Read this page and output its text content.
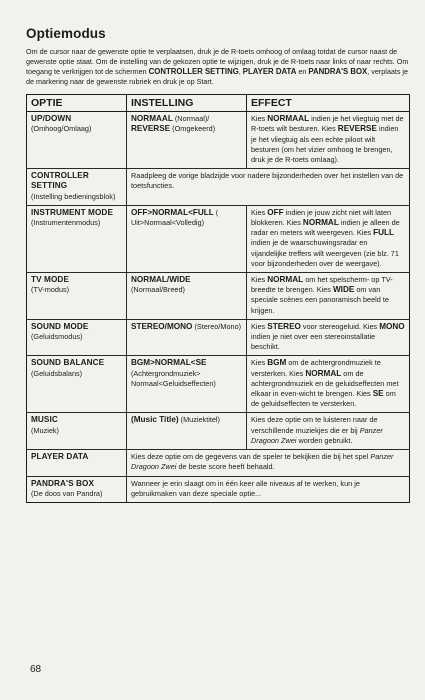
Optiemodus

Om de cursor naar de gewenste optie te verplaatsen, druk je de R-toets omhoog of omlaag totdat de cursor naast de gewenste optie staat. Om de instelling van de gekozen optie te wijzigen, druk je de R-toets naar links of naar rechts. Om toegang te verkrijgen tot de schermen CONTROLLER SETTING, PLAYER DATA en PANDRA'S BOX, verplaats je de markering naar de gewenste rubriek en druk je op Start.

OPTIE	INSTELLING	EFFECT

UP/DOWN
(Omhoog/Omlaag)	NORMAAL (Normaal)/ REVERSE (Omgekeerd)	Kies NORMAAL indien je het vliegtuig met de R-toets wilt besturen. Kies REVERSE indien je het vliegtuig als een echte piloot wilt besturen (om het vizier omhoog te brengen, druk je de R-toets omlaag).

CONTROLLER SETTING
(Instelling bedieningsblok)	Raadpleeg de vorige bladzijde voor nadere bijzonderheden over het instellen van de toetsfuncties.	

INSTRUMENT MODE
(Instrumentenmodus)	OFF>NORMAL<FULL ( Uit>Normaal<Volledig)	Kies OFF indien je jouw zicht niet wilt laten blokkeren. Kies NORMAL indien je alleen de radar en meters wilt weergeven. Kies FULL indien je de waarschuwingsradar en vijandelijke treffers wilt weergeven (zie blz. 71 voor bijzonderheden over de weergave).

TV MODE
(TV-modus)	NORMAL/WIDE (Normaal/Breed)	Kies NORMAL om het spelscherm- op TV-breedte te brengen. Kies WIDE om van speciale scènes een panoramisch beeld te krijgen.

SOUND MODE
(Geluidsmodus)	STEREO/MONO (Stereo/Mono)	Kies STEREO voor stereogeluid. Kies MONO indien je niet over een stereoinstallatie beschikt.

SOUND BALANCE
(Geluidsbalans)	BGM>NORMAL<SE (Achtergrondmuziek> Normaal<Geluidseffecten)	Kies BGM om de achtergrondmuziek te versterken. Kies NORMAL om de achtergrondmuziek en de geluidseffecten met elkaar in even-wicht te brengen. Kies SE om de geluidseffecten te versterken.

MUSIC
(Muziek)	(Music Title) (Muziektitel)	Kies deze optie om te luisteren naar de verschillende muziekjes die er bij Panzer Dragoon Zwei worden gebruikt.

PLAYER DATA	Kies deze optie om de gegevens van de speler te bekijken die bij het spel Panzer Dragoon Zwei de beste score heeft behaald.	

PANDRA'S BOX
(De doos van Pandra)	Wanneer je erin slaagt om in één keer alle niveaus af te werken, kun je gebruikmaken van deze speciale optie...	
68
